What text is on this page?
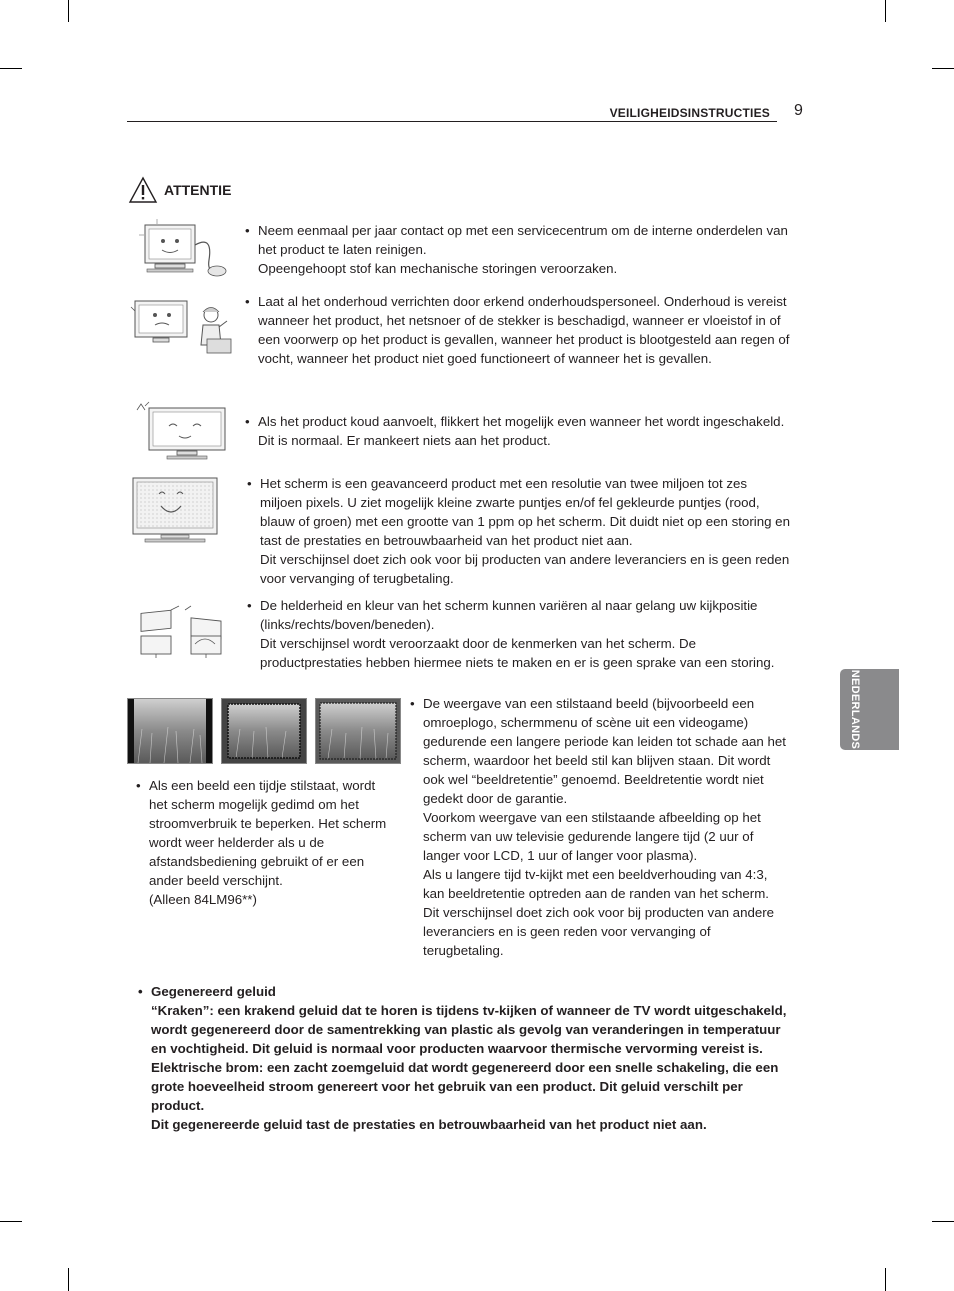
VEILIGHEIDSINSTRUCTIES 9
NEDERLANDS
ATTENTIE
• Neem eenmaal per jaar contact op met een servicecentrum om de interne onderdelen van het product te laten reinigen.

Opeengehoopt stof kan mechanische storingen veroorzaken.

• Laat al het onderhoud verrichten door erkend onderhoudspersoneel. Onderhoud is vereist wanneer het product, het netsnoer of de stekker is beschadigd, wanneer er vloeistof in of een voorwerp op het product is gevallen, wanneer het product is blootgesteld aan regen of vocht, wanneer het product niet goed functioneert of wanneer het is gevallen.

• Als het product koud aanvoelt, flikkert het mogelijk even wanneer het wordt ingeschakeld. Dit is normaal. Er mankeert niets aan het product.

• Het scherm is een geavanceerd product met een resolutie van twee miljoen tot zes miljoen pixels. U ziet mogelijk kleine zwarte puntjes en/of fel gekleurde puntjes (rood, blauw of groen) met een grootte van 1 ppm op het scherm. Dit duidt niet op een storing en tast de prestaties en betrouwbaarheid van het product niet aan.

Dit verschijnsel doet zich ook voor bij producten van andere leveranciers en is geen reden voor vervanging of terugbetaling.

• De helderheid en kleur van het scherm kunnen variëren al naar gelang uw kijkpositie (links/rechts/boven/beneden).

Dit verschijnsel wordt veroorzaakt door de kenmerken van het scherm. De productprestaties hebben hiermee niets te maken en er is geen sprake van een storing.

• Als een beeld een tijdje stilstaat, wordt het scherm mogelijk gedimd om het stroomverbruik te beperken. Het scherm wordt weer helderder als u de afstandsbediening gebruikt of er een ander beeld verschijnt.

(Alleen 84LM96**)

• De weergave van een stilstaand beeld (bijvoorbeeld een omroeplogo, schermmenu of scène uit een videogame) gedurende een langere periode kan leiden tot schade aan het scherm, waardoor het beeld stil kan blijven staan. Dit wordt ook wel “beeldretentie” genoemd. Beeldretentie wordt niet gedekt door de garantie.

Voorkom weergave van een stilstaande afbeelding op het scherm van uw televisie gedurende langere tijd (2 uur of langer voor LCD, 1 uur of langer voor plasma).

Als u langere tijd tv-kijkt met een beeldverhouding van 4:3, kan beeldretentie optreden aan de randen van het scherm.

Dit verschijnsel doet zich ook voor bij producten van andere leveranciers en is geen reden voor vervanging of terugbetaling.

• Gegenereerd geluid

“Kraken”: een krakend geluid dat te horen is tijdens tv-kijken of wanneer de TV wordt uitgeschakeld, wordt gegenereerd door de samentrekking van plastic als gevolg van veranderingen in temperatuur en vochtigheid. Dit geluid is normaal voor producten waarvoor thermische vervorming vereist is. Elektrische brom: een zacht zoemgeluid dat wordt gegenereerd door een snelle schakeling, die een grote hoeveelheid stroom genereert voor het gebruik van een product. Dit geluid verschilt per product.

Dit gegenereerde geluid tast de prestaties en betrouwbaarheid van het product niet aan.
